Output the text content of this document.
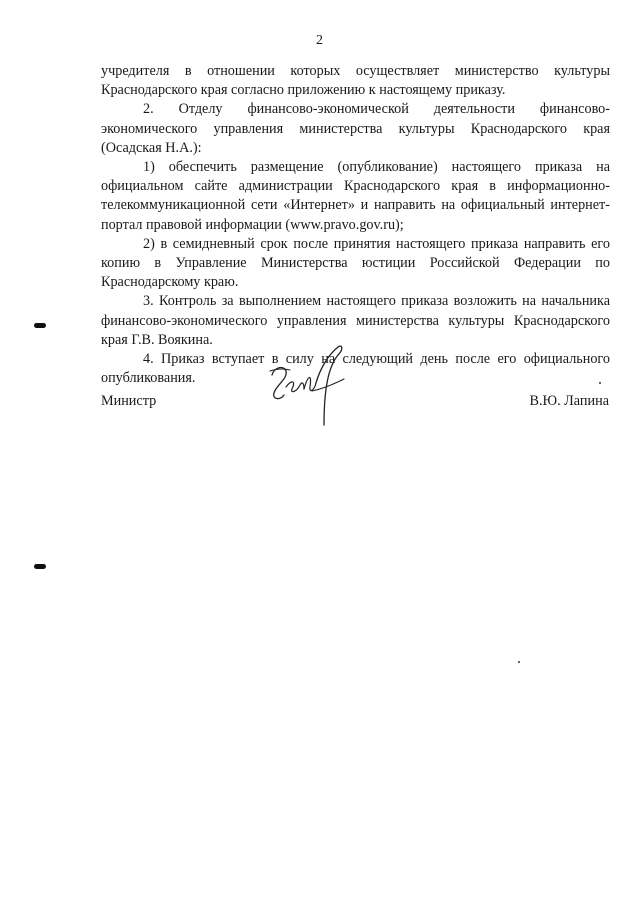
2

учредителя в отношении которых осуществляет министерство культуры Краснодарского края согласно приложению к настоящему приказу.

2. Отделу финансово-экономической деятельности финансово-экономического управления министерства культуры Краснодарского края (Осадская Н.А.):

1) обеспечить размещение (опубликование) настоящего приказа на официальном сайте администрации Краснодарского края в информационно-телекоммуникационной сети «Интернет» и направить на официальный интернет-портал правовой информации (www.pravo.gov.ru);

2) в семидневный срок после принятия настоящего приказа направить его копию в Управление Министерства юстиции Российской Федерации по Краснодарскому краю.

3. Контроль за выполнением настоящего приказа возложить на начальника финансово-экономического управления министерства культуры Краснодарского края Г.В. Воякина.

4. Приказ вступает в силу на следующий день после его официального опубликования.

Министр	В.Ю. Лапина
